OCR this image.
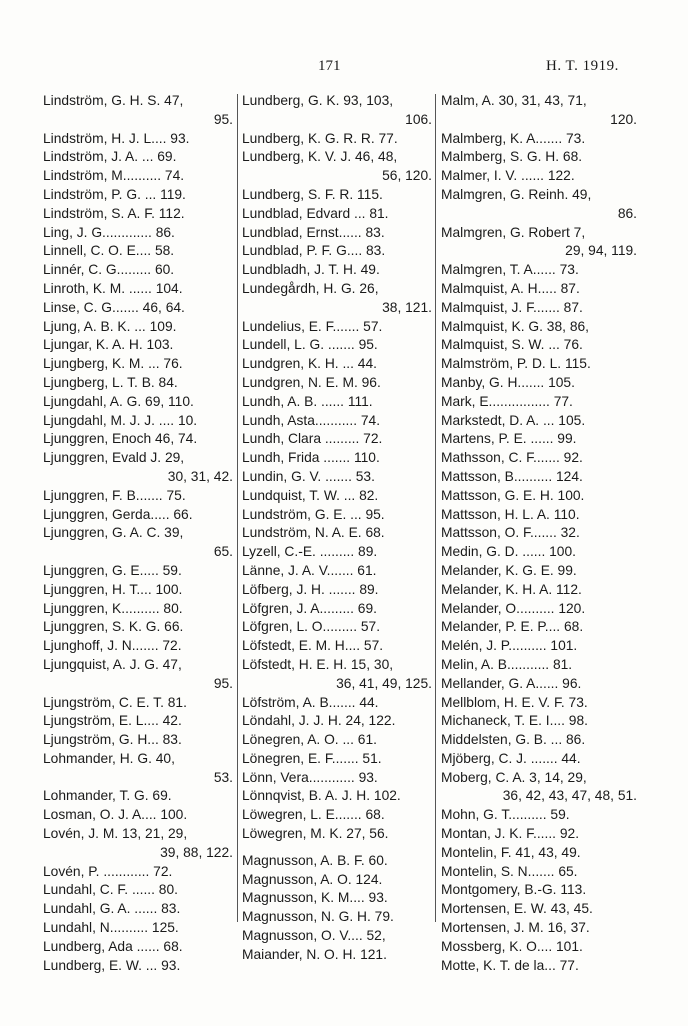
171	H. T. 1919.
Lindström, G. H. S. 47,
95.
Lindström, H. J. L.... 93.
Lindström, J. A. ... 69.
Lindström, M.......... 74.
Lindström, P. G. ... 119.
Lindström, S. A. F. 112.
Ling, J. G............. 86.
Linnell, C. O. E.... 58.
Linnér, C. G......... 60.
Linroth, K. M. ...... 104.
Linse, C. G....... 46, 64.
Ljung, A. B. K. ... 109.
Ljungar, K. A. H. 103.
Ljungberg, K. M. ... 76.
Ljungberg, L. T. B. 84.
Ljungdahl, A. G. 69, 110.
Ljungdahl, M. J. J. .... 10.
Ljunggren, Enoch 46, 74.
Ljunggren, Evald J. 29,
30, 31, 42.
Ljunggren, F. B....... 75.
Ljunggren, Gerda..... 66.
Ljunggren, G. A. C. 39,
65.
Ljunggren, G. E..... 59.
Ljunggren, H. T.... 100.
Ljunggren, K.......... 80.
Ljunggren, S. K. G. 66.
Ljunghoff, J. N....... 72.
Ljungquist, A. J. G. 47,
95.
Ljungström, C. E. T. 81.
Ljungström, E. L.... 42.
Ljungström, G. H... 83.
Lohmander, H. G. 40,
53.
Lohmander, T. G. 69.
Losman, O. J. A.... 100.
Lovén, J. M. 13, 21, 29,
39, 88, 122.
Lovén, P. ............ 72.
Lundahl, C. F. ...... 80.
Lundahl, G. A. ...... 83.
Lundahl, N.......... 125.
Lundberg, Ada ...... 68.
Lundberg, E. W. ... 93.
Lundberg, G. K. 93, 103,
106.
Lundberg, K. G. R. R. 77.
Lundberg, K. V. J. 46, 48,
56, 120.
Lundberg, S. F. R. 115.
Lundblad, Edvard ... 81.
Lundblad, Ernst...... 83.
Lundblad, P. F. G.... 83.
Lundbladh, J. T. H. 49.
Lundegårdh, H. G. 26,
38, 121.
Lundelius, E. F....... 57.
Lundell, L. G. ....... 95.
Lundgren, K. H. ... 44.
Lundgren, N. E. M. 96.
Lundh, A. B. ...... 111.
Lundh, Asta........... 74.
Lundh, Clara ......... 72.
Lundh, Frida ....... 110.
Lundin, G. V. ....... 53.
Lundquist, T. W. ... 82.
Lundström, G. E. ... 95.
Lundström, N. A. E. 68.
Lyzell, C.-E. ......... 89.
Länne, J. A. V....... 61.
Löfberg, J. H. ....... 89.
Löfgren, J. A......... 69.
Löfgren, L. O......... 57.
Löfstedt, E. M. H.... 57.
Löfstedt, H. E. H. 15, 30,
36, 41, 49, 125.
Löfström, A. B....... 44.
Löndahl, J. J. H. 24, 122.
Lönegren, A. O. ... 61.
Lönegren, E. F....... 51.
Lönn, Vera............ 93.
Lönnqvist, B. A. J. H. 102.
Löwegren, L. E....... 68.
Löwegren, M. K. 27, 56.
Magnusson, A. B. F. 60.
Magnusson, A. O. 124.
Magnusson, K. M.... 93.
Magnusson, N. G. H. 79.
Magnusson, O. V.... 52,
Maiander, N. O. H. 121.
Malm, A. 30, 31, 43, 71,
120.
Malmberg, K. A....... 73.
Malmberg, S. G. H. 68.
Malmer, I. V. ...... 122.
Malmgren, G. Reinh. 49,
86.
Malmgren, G. Robert 7,
29, 94, 119.
Malmgren, T. A...... 73.
Malmquist, A. H..... 87.
Malmquist, J. F....... 87.
Malmquist, K. G. 38, 86,
Malmquist, S. W. ... 76.
Malmström, P. D. L. 115.
Manby, G. H....... 105.
Mark, E................ 77.
Markstedt, D. A. ... 105.
Martens, P. E. ...... 99.
Mathsson, C. F....... 92.
Mattsson, B.......... 124.
Mattsson, G. E. H. 100.
Mattsson, H. L. A. 110.
Mattsson, O. F....... 32.
Medin, G. D. ...... 100.
Melander, K. G. E. 99.
Melander, K. H. A. 112.
Melander, O.......... 120.
Melander, P. E. P.... 68.
Melén, J. P.......... 101.
Melin, A. B........... 81.
Mellander, G. A...... 96.
Mellblom, H. E. V. F. 73.
Michaneck, T. E. I.... 98.
Middelsten, G. B. ... 86.
Mjöberg, C. J. ....... 44.
Moberg, C. A. 3, 14, 29,
36, 42, 43, 47, 48, 51.
Mohn, G. T.......... 59.
Montan, J. K. F...... 92.
Montelin, F. 41, 43, 49.
Montelin, S. N....... 65.
Montgomery, B.-G. 113.
Mortensen, E. W. 43, 45.
Mortensen, J. M. 16, 37.
Mossberg, K. O.... 101.
Motte, K. T. de la... 77.
